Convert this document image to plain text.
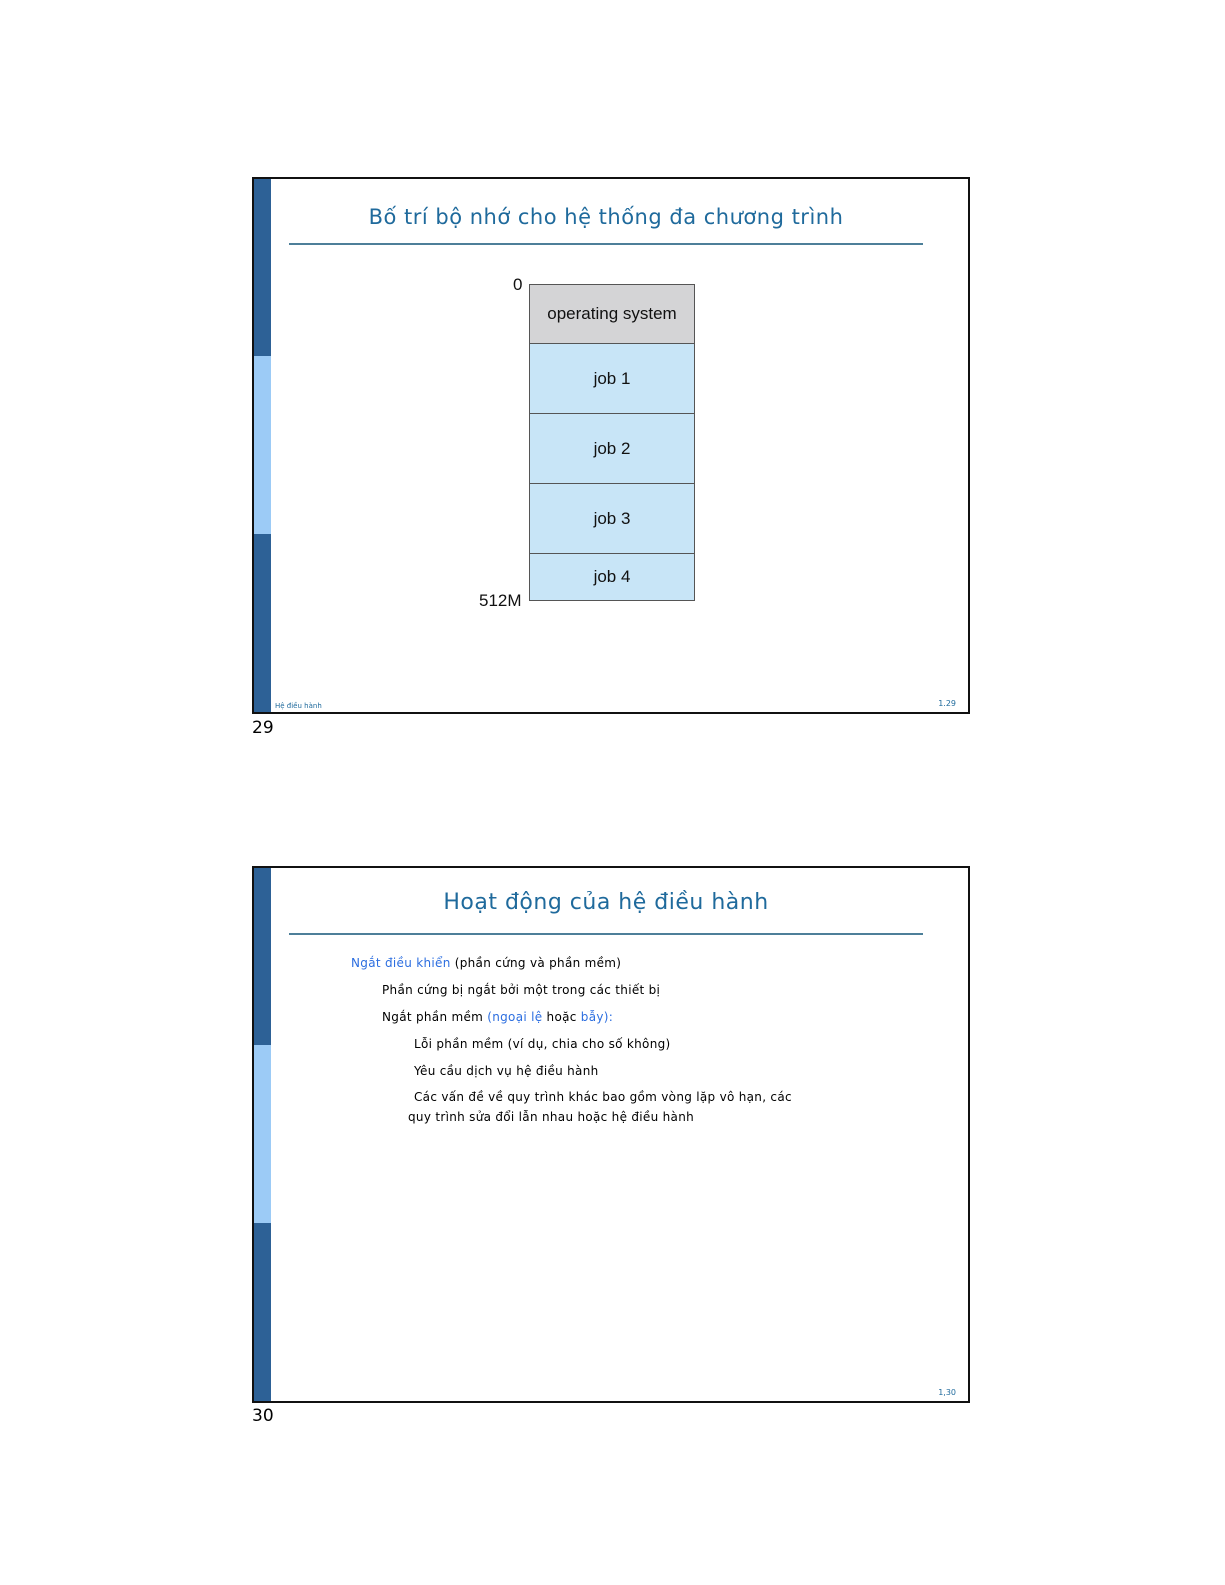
Bố trí bộ nhớ cho hệ thống đa chương trình
0
operating system
job 1
job 2
job 3
job 4
512M
Hệ điều hành	1.29
29
Hoạt động của hệ điều hành
Ngắt điều khiển (phần cứng và phần mềm)
Phần cứng bị ngắt bởi một trong các thiết bị
Ngắt phần mềm (ngoại lệ hoặc bẫy):
Lỗi phần mềm (ví dụ, chia cho số không)
Yêu cầu dịch vụ hệ điều hành
Các vấn đề về quy trình khác bao gồm vòng lặp vô hạn, các
quy trình sửa đổi lẫn nhau hoặc hệ điều hành
1,30
30
